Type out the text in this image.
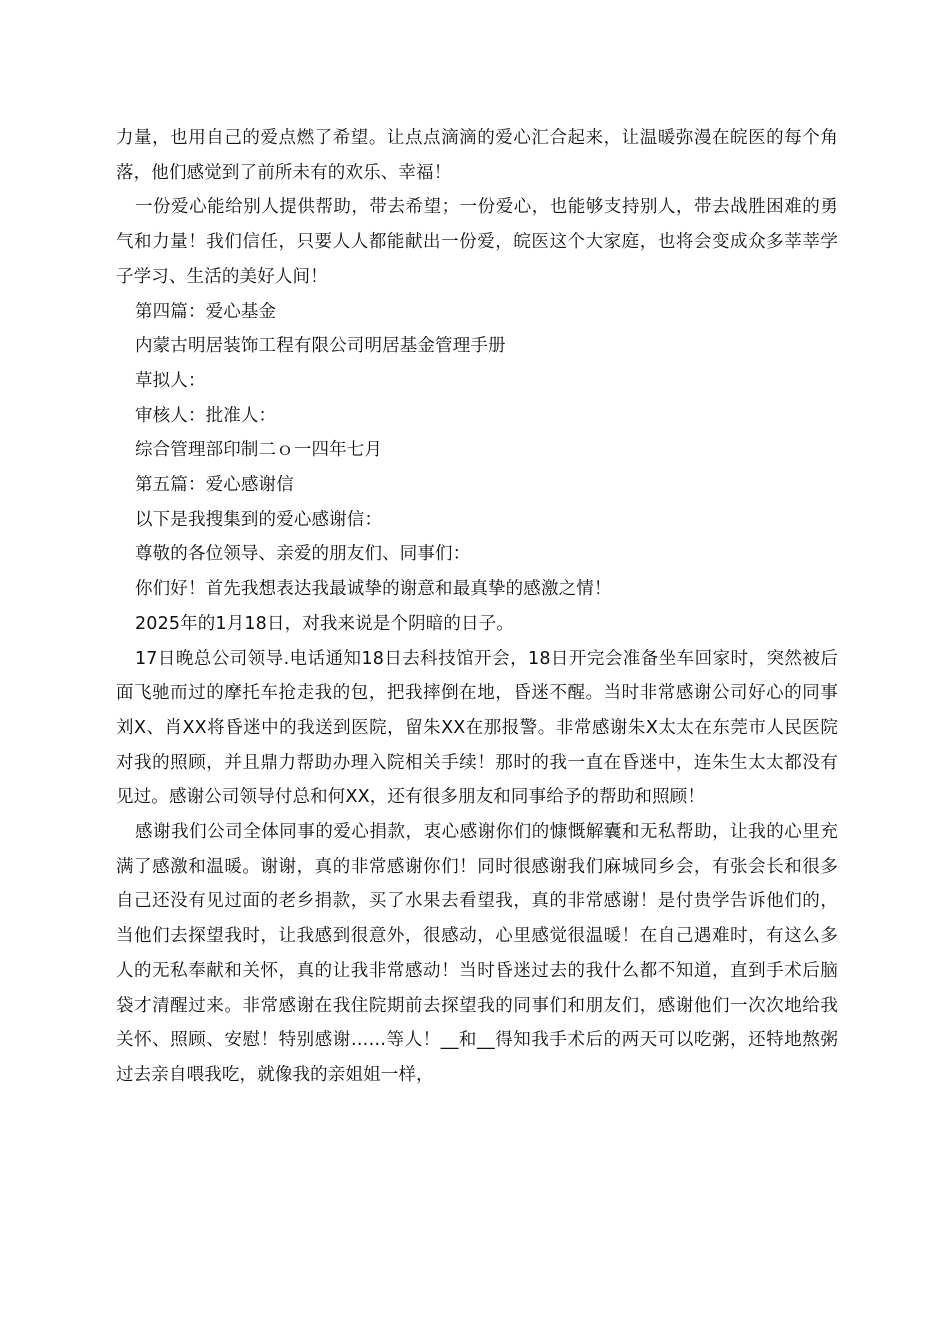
力量，也用自己的爱点燃了希望。让点点滴滴的爱心汇合起来，让温暖弥漫在皖医的每个角落，他们感觉到了前所未有的欢乐、幸福！

一份爱心能给别人提供帮助，带去希望；一份爱心，也能够支持别人，带去战胜困难的勇气和力量！我们信任，只要人人都能献出一份爱，皖医这个大家庭，也将会变成众多莘莘学子学习、生活的美好人间！

第四篇：爱心基金

内蒙古明居装饰工程有限公司明居基金管理手册

草拟人：

审核人：批准人：

综合管理部印制二ｏ一四年七月

第五篇：爱心感谢信

以下是我搜集到的爱心感谢信：

尊敬的各位领导、亲爱的朋友们、同事们：

你们好！首先我想表达我最诚挚的谢意和最真挚的感激之情！

2025年的1月18日，对我来说是个阴暗的日子。

17日晚总公司领导.电话通知18日去科技馆开会，18日开完会准备坐车回家时，突然被后面飞驰而过的摩托车抢走我的包，把我摔倒在地，昏迷不醒。当时非常感谢公司好心的同事刘X、肖XX将昏迷中的我送到医院，留朱XX在那报警。非常感谢朱X太太在东莞市人民医院对我的照顾，并且鼎力帮助办理入院相关手续！那时的我一直在昏迷中，连朱生太太都没有见过。感谢公司领导付总和何XX，还有很多朋友和同事给予的帮助和照顾！

感谢我们公司全体同事的爱心捐款，衷心感谢你们的慷慨解囊和无私帮助，让我的心里充满了感激和温暖。谢谢，真的非常感谢你们！同时很感谢我们麻城同乡会，有张会长和很多自己还没有见过面的老乡捐款，买了水果去看望我，真的非常感谢！是付贵学告诉他们的，当他们去探望我时，让我感到很意外，很感动，心里感觉很温暖！在自己遇难时，有这么多人的无私奉献和关怀，真的让我非常感动！当时昏迷过去的我什么都不知道，直到手术后脑袋才清醒过来。非常感谢在我住院期前去探望我的同事们和朋友们，感谢他们一次次地给我关怀、照顾、安慰！特别感谢……等人！__和__得知我手术后的两天可以吃粥，还特地熬粥过去亲自喂我吃，就像我的亲姐姐一样，
